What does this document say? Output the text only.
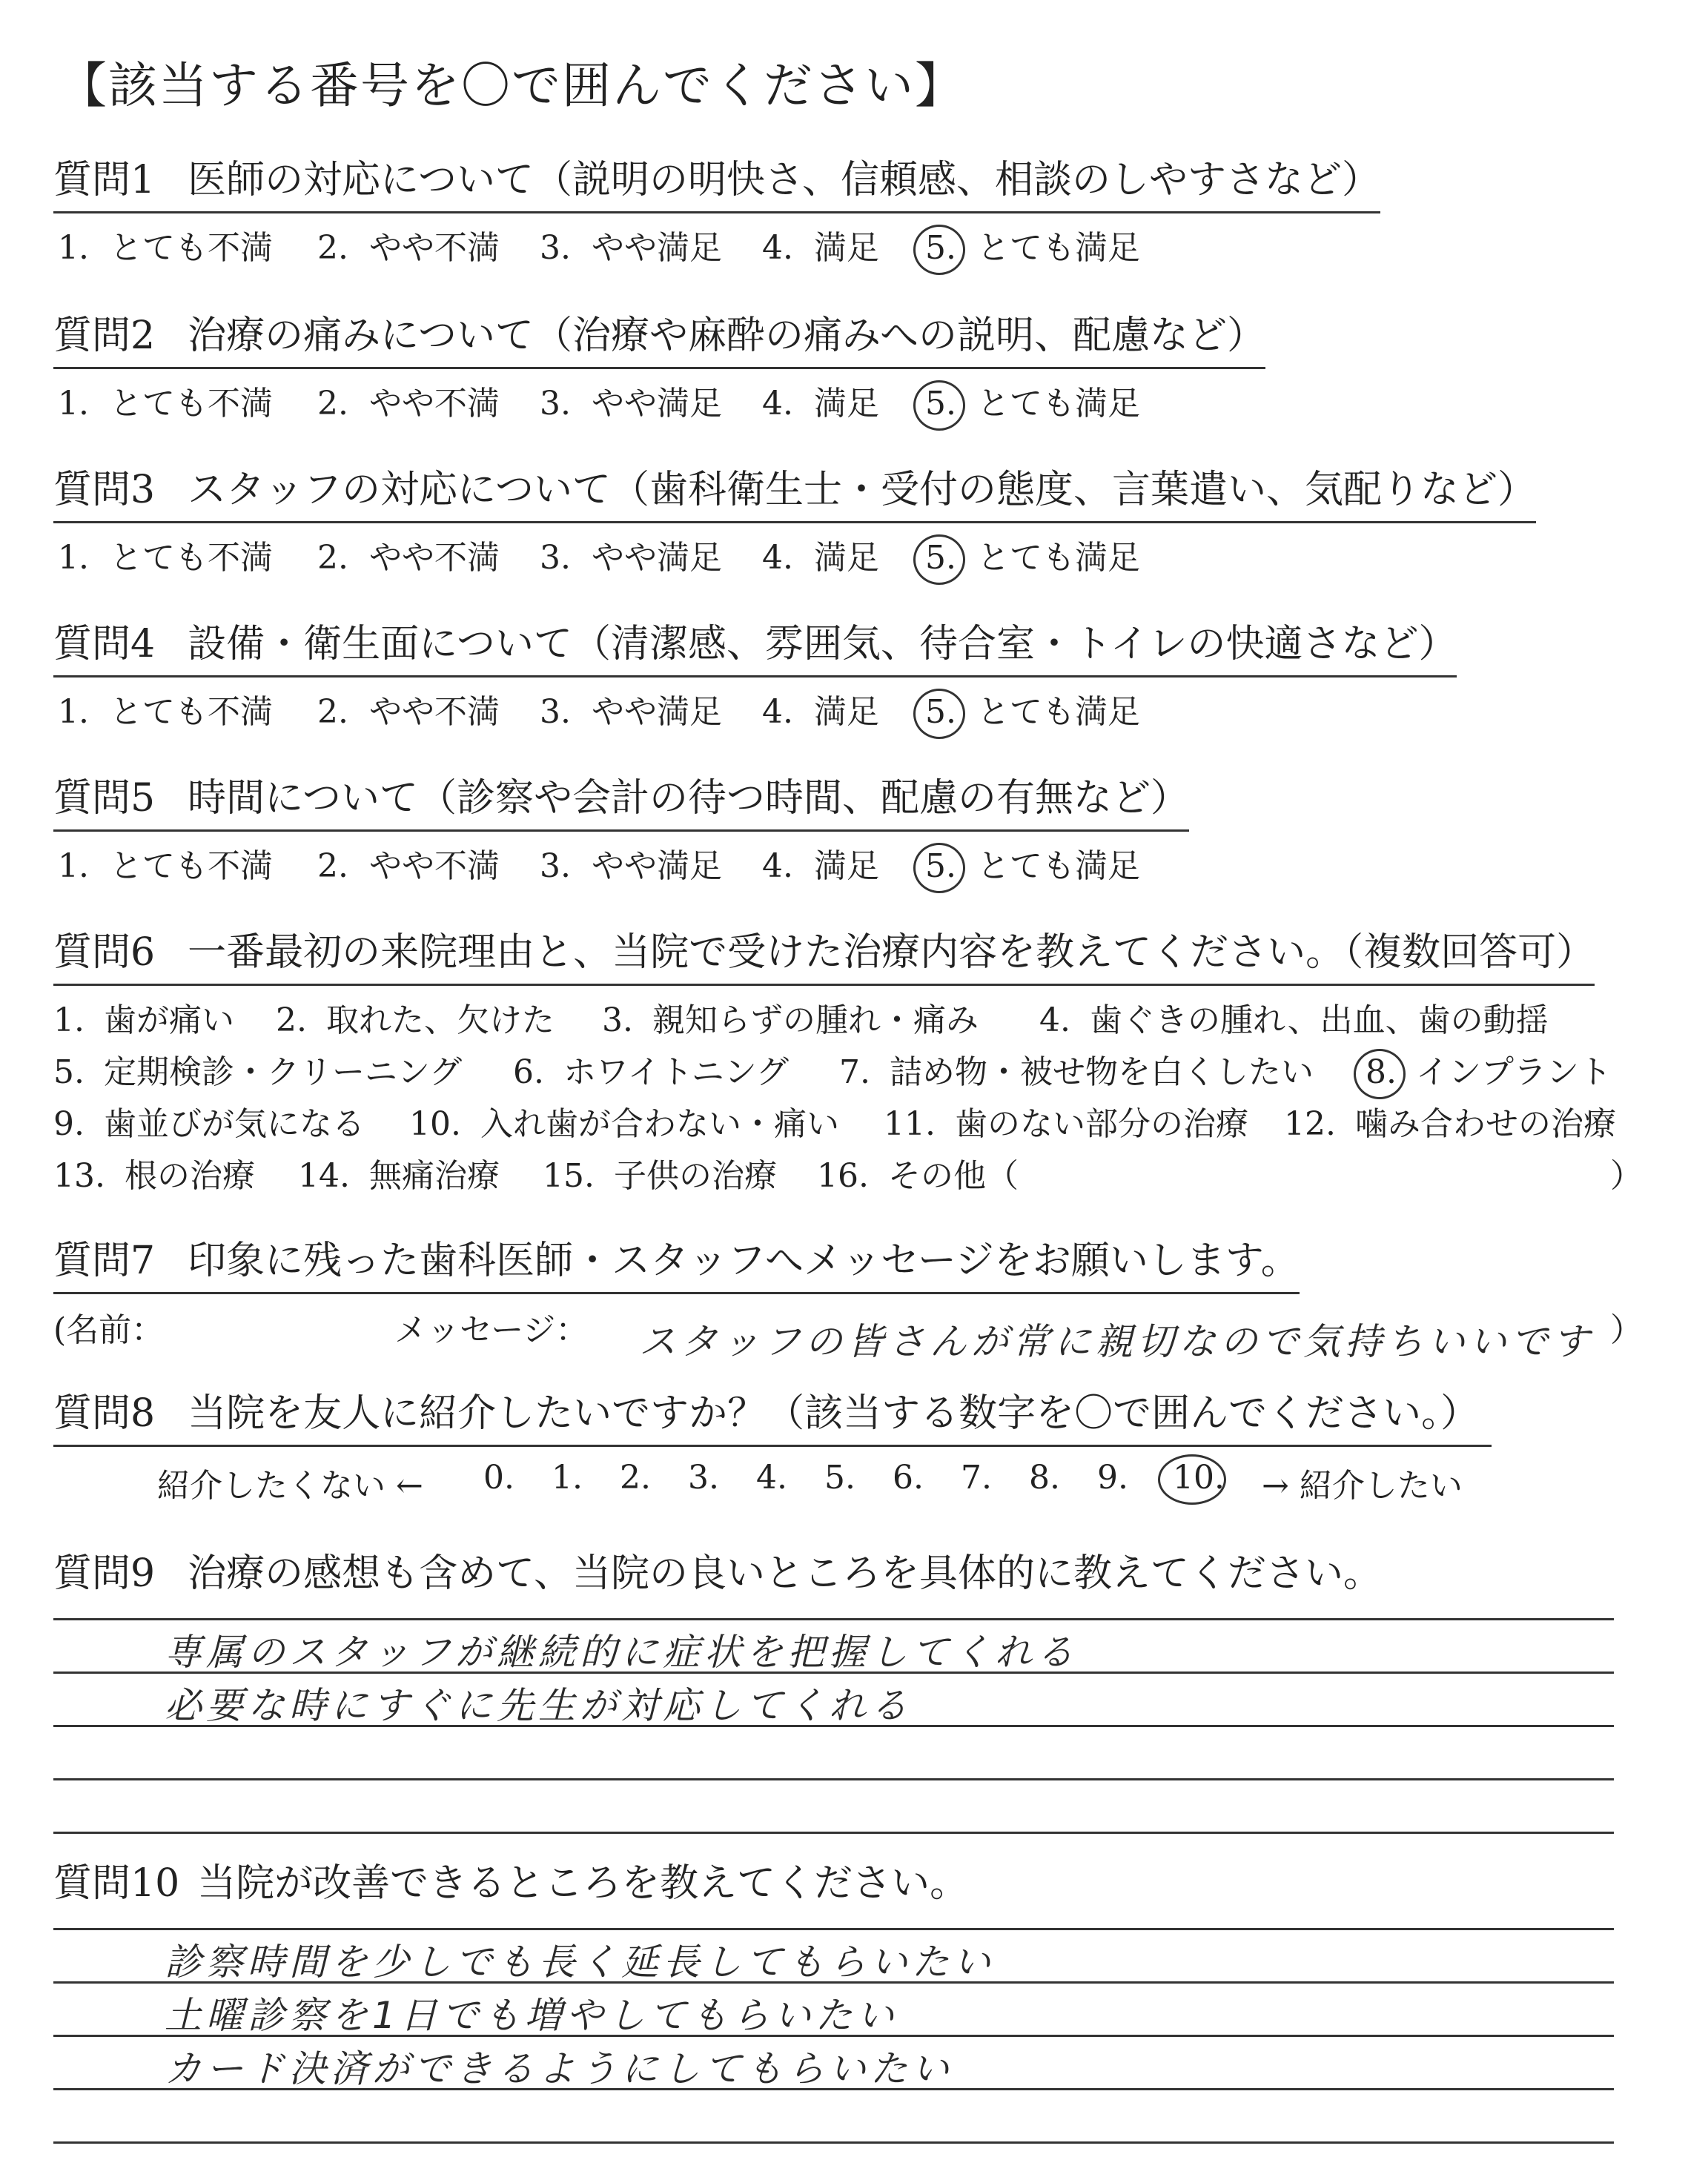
【該当する番号を〇で囲んでください】
質問1 医師の対応について（説明の明快さ、信頼感、相談のしやすさなど）
1. とても不満 2. やや不満 3. やや満足 4. 満足 5. とても満足
質問2 治療の痛みについて（治療や麻酔の痛みへの説明、配慮など）
1. とても不満 2. やや不満 3. やや満足 4. 満足 5. とても満足
質問3 スタッフの対応について（歯科衛生士・受付の態度、言葉遣い、気配りなど）
1. とても不満 2. やや不満 3. やや満足 4. 満足 5. とても満足
質問4 設備・衛生面について（清潔感、雰囲気、待合室・トイレの快適さなど）
1. とても不満 2. やや不満 3. やや満足 4. 満足 5. とても満足
質問5 時間について（診察や会計の待つ時間、配慮の有無など）
1. とても不満 2. やや不満 3. やや満足 4. 満足 5. とても満足
質問6 一番最初の来院理由と、当院で受けた治療内容を教えてください。（複数回答可）
1. 歯が痛い 2. 取れた、欠けた 3. 親知らずの腫れ・痛み 4. 歯ぐきの腫れ、出血、歯の動揺
5. 定期検診・クリーニング 6. ホワイトニング 7. 詰め物・被せ物を白くしたい 8. インプラント
9. 歯並びが気になる 10. 入れ歯が合わない・痛い 11. 歯のない部分の治療 12. 噛み合わせの治療
13. 根の治療 14. 無痛治療 15. 子供の治療 16. その他（	）
質問7 印象に残った歯科医師・スタッフへメッセージをお願いします。
(名前：	メッセージ： スタッフの皆さんが常に親切なので気持ちいいです ）
質問8 当院を友人に紹介したいですか？（該当する数字を〇で囲んでください。）
紹介したくない ← 0. 1. 2. 3. 4. 5. 6. 7. 8. 9. 10. → 紹介したい
質問9 治療の感想も含めて、当院の良いところを具体的に教えてください。
専属のスタッフが継続的に症状を把握してくれる
必要な時にすぐに先生が対応してくれる
質問10 当院が改善できるところを教えてください。
診察時間を少しでも長く延長してもらいたい
土曜診察を1日でも増やしてもらいたい
カード決済ができるようにしてもらいたい
